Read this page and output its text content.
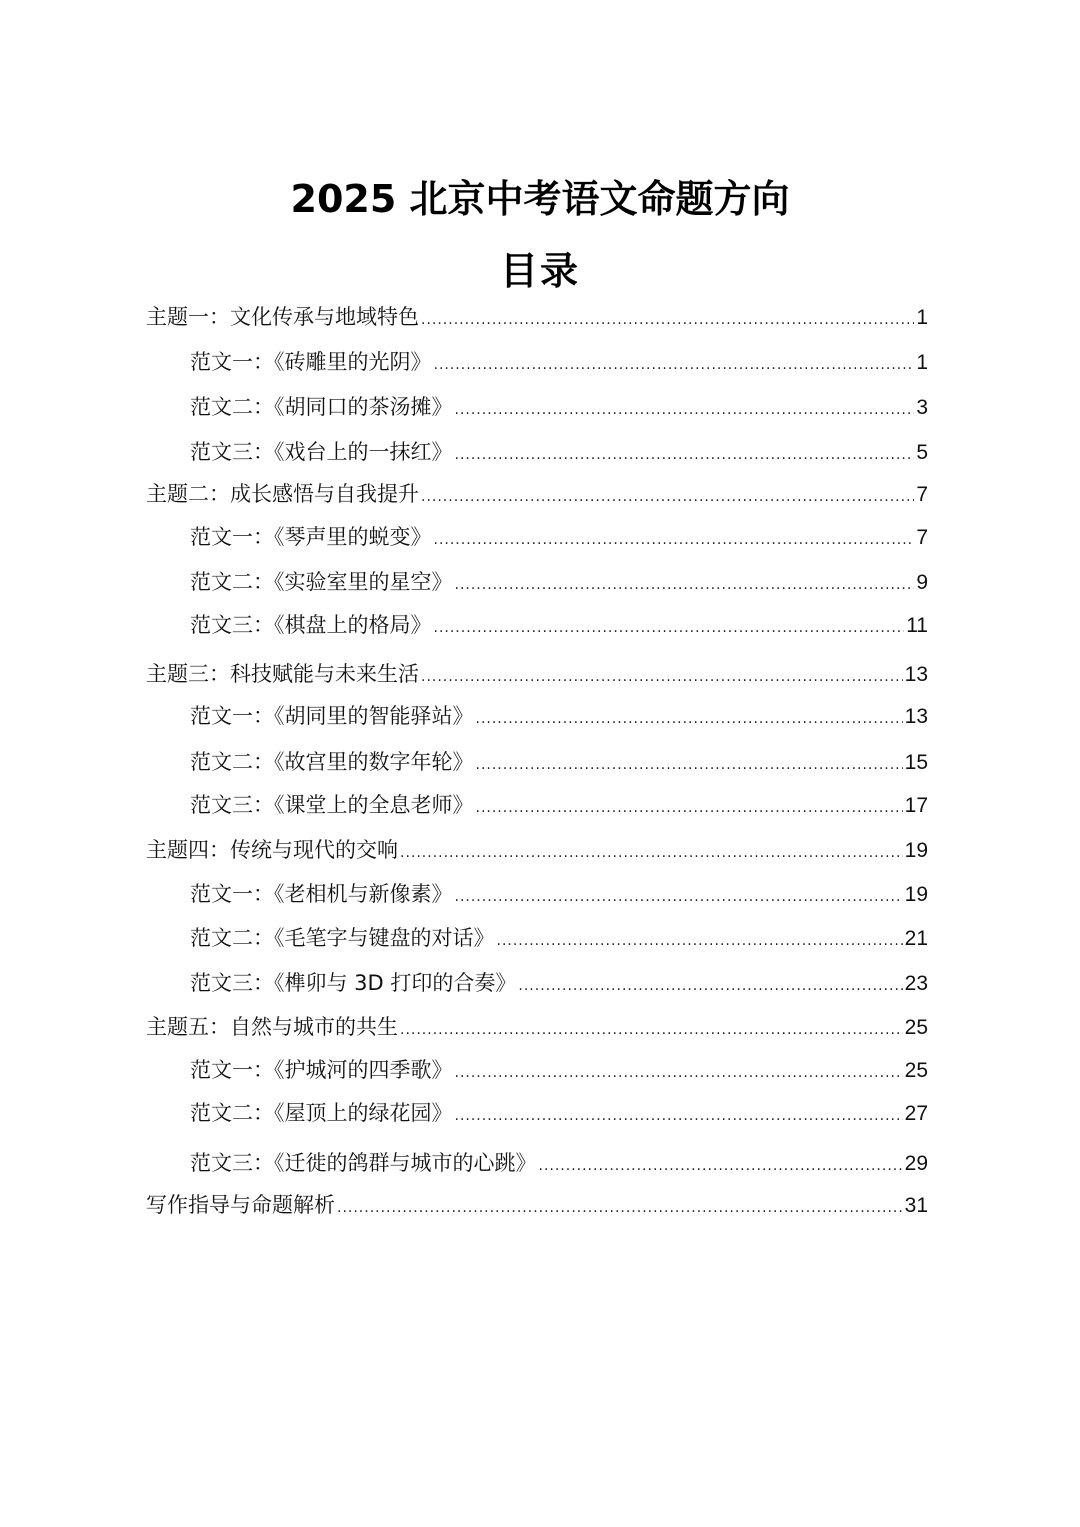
2025 北京中考语文命题方向
目录
主题一：文化传承与地域特色 .....	1
范文一：《砖雕里的光阴》 .....	1
范文二：《胡同口的茶汤摊》 .....	3
范文三：《戏台上的一抹红》 .....	5
主题二：成长感悟与自我提升 .....	7
范文一：《琴声里的蜕变》 .....	7
范文二：《实验室里的星空》 .....	9
范文三：《棋盘上的格局》 .....	11
主题三：科技赋能与未来生活 .....	13
范文一：《胡同里的智能驿站》 .....	13
范文二：《故宫里的数字年轮》 .....	15
范文三：《课堂上的全息老师》 .....	17
主题四：传统与现代的交响 .....	19
范文一：《老相机与新像素》 .....	19
范文二：《毛笔字与键盘的对话》 .....	21
范文三：《榫卯与 3D 打印的合奏》 .....	23
主题五：自然与城市的共生 .....	25
范文一：《护城河的四季歌》 .....	25
范文二：《屋顶上的绿花园》 .....	27
范文三：《迁徙的鸽群与城市的心跳》 .....	29
写作指导与命题解析 .....	31
